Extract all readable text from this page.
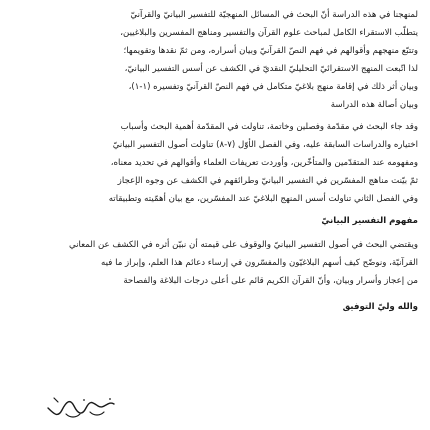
لمنهجنا في هذه الدراسة أنّ البحث في المسائل المنهجيّة للتفسير البيانيّ والقرآنيّ

يتطلّب الاستقراء الكامل لمباحث علوم القرآن والتفسير ومناهج المفسرين والبلاغيين،

وتتبّع منهجهم وأقوالهم في فهم النصّ القرآنيّ وبيان أسراره، ومن ثمّ نقدها وتقويمها؛

لذا اتّبعت المنهج الاستقرائيّ التحليليّ النقديّ في الكشف عن أسس التفسير البيانيّ،

وبيان أثر ذلك في إقامة منهج بلاغيّ متكامل في فهم النصّ القرآنيّ وتفسيره (١-١)،

وبيان أصالة هذه الدراسة

وقد جاء البحث في مقدّمة وفصلين وخاتمة، تناولت في المقدّمة أهمية البحث وأسباب

اختياره والدراسات السابقة عليه، وفي الفصل الأوّل (٧-٨) تناولت أصول التفسير البيانيّ

ومفهومه عند المتقدّمين والمتأخّرين، وأوردت تعريفات العلماء وأقوالهم في تحديد معناه،

ثمّ بيّنت مناهج المفسّرين في التفسير البيانيّ وطرائقهم في الكشف عن وجوه الإعجاز

وفي الفصل الثاني تناولت أسس المنهج البلاغيّ عند المفسّرين، مع بيان أهمّيته وتطبيقاته

مفهوم التفسير البيانيّ

ويقتضي البحث في أصول التفسير البيانيّ والوقوف على قيمته أن نبيّن أثره في الكشف عن المعاني

القرآنيّة، ونوضّح كيف أسهم البلاغيّون والمفسّرون في إرساء دعائم هذا العلم، وإبراز ما فيه

من إعجاز وأسرار وبيان، وأنّ القرآن الكريم قائم على أعلى درجات البلاغة والفصاحة

والله وليّ التوفيق
